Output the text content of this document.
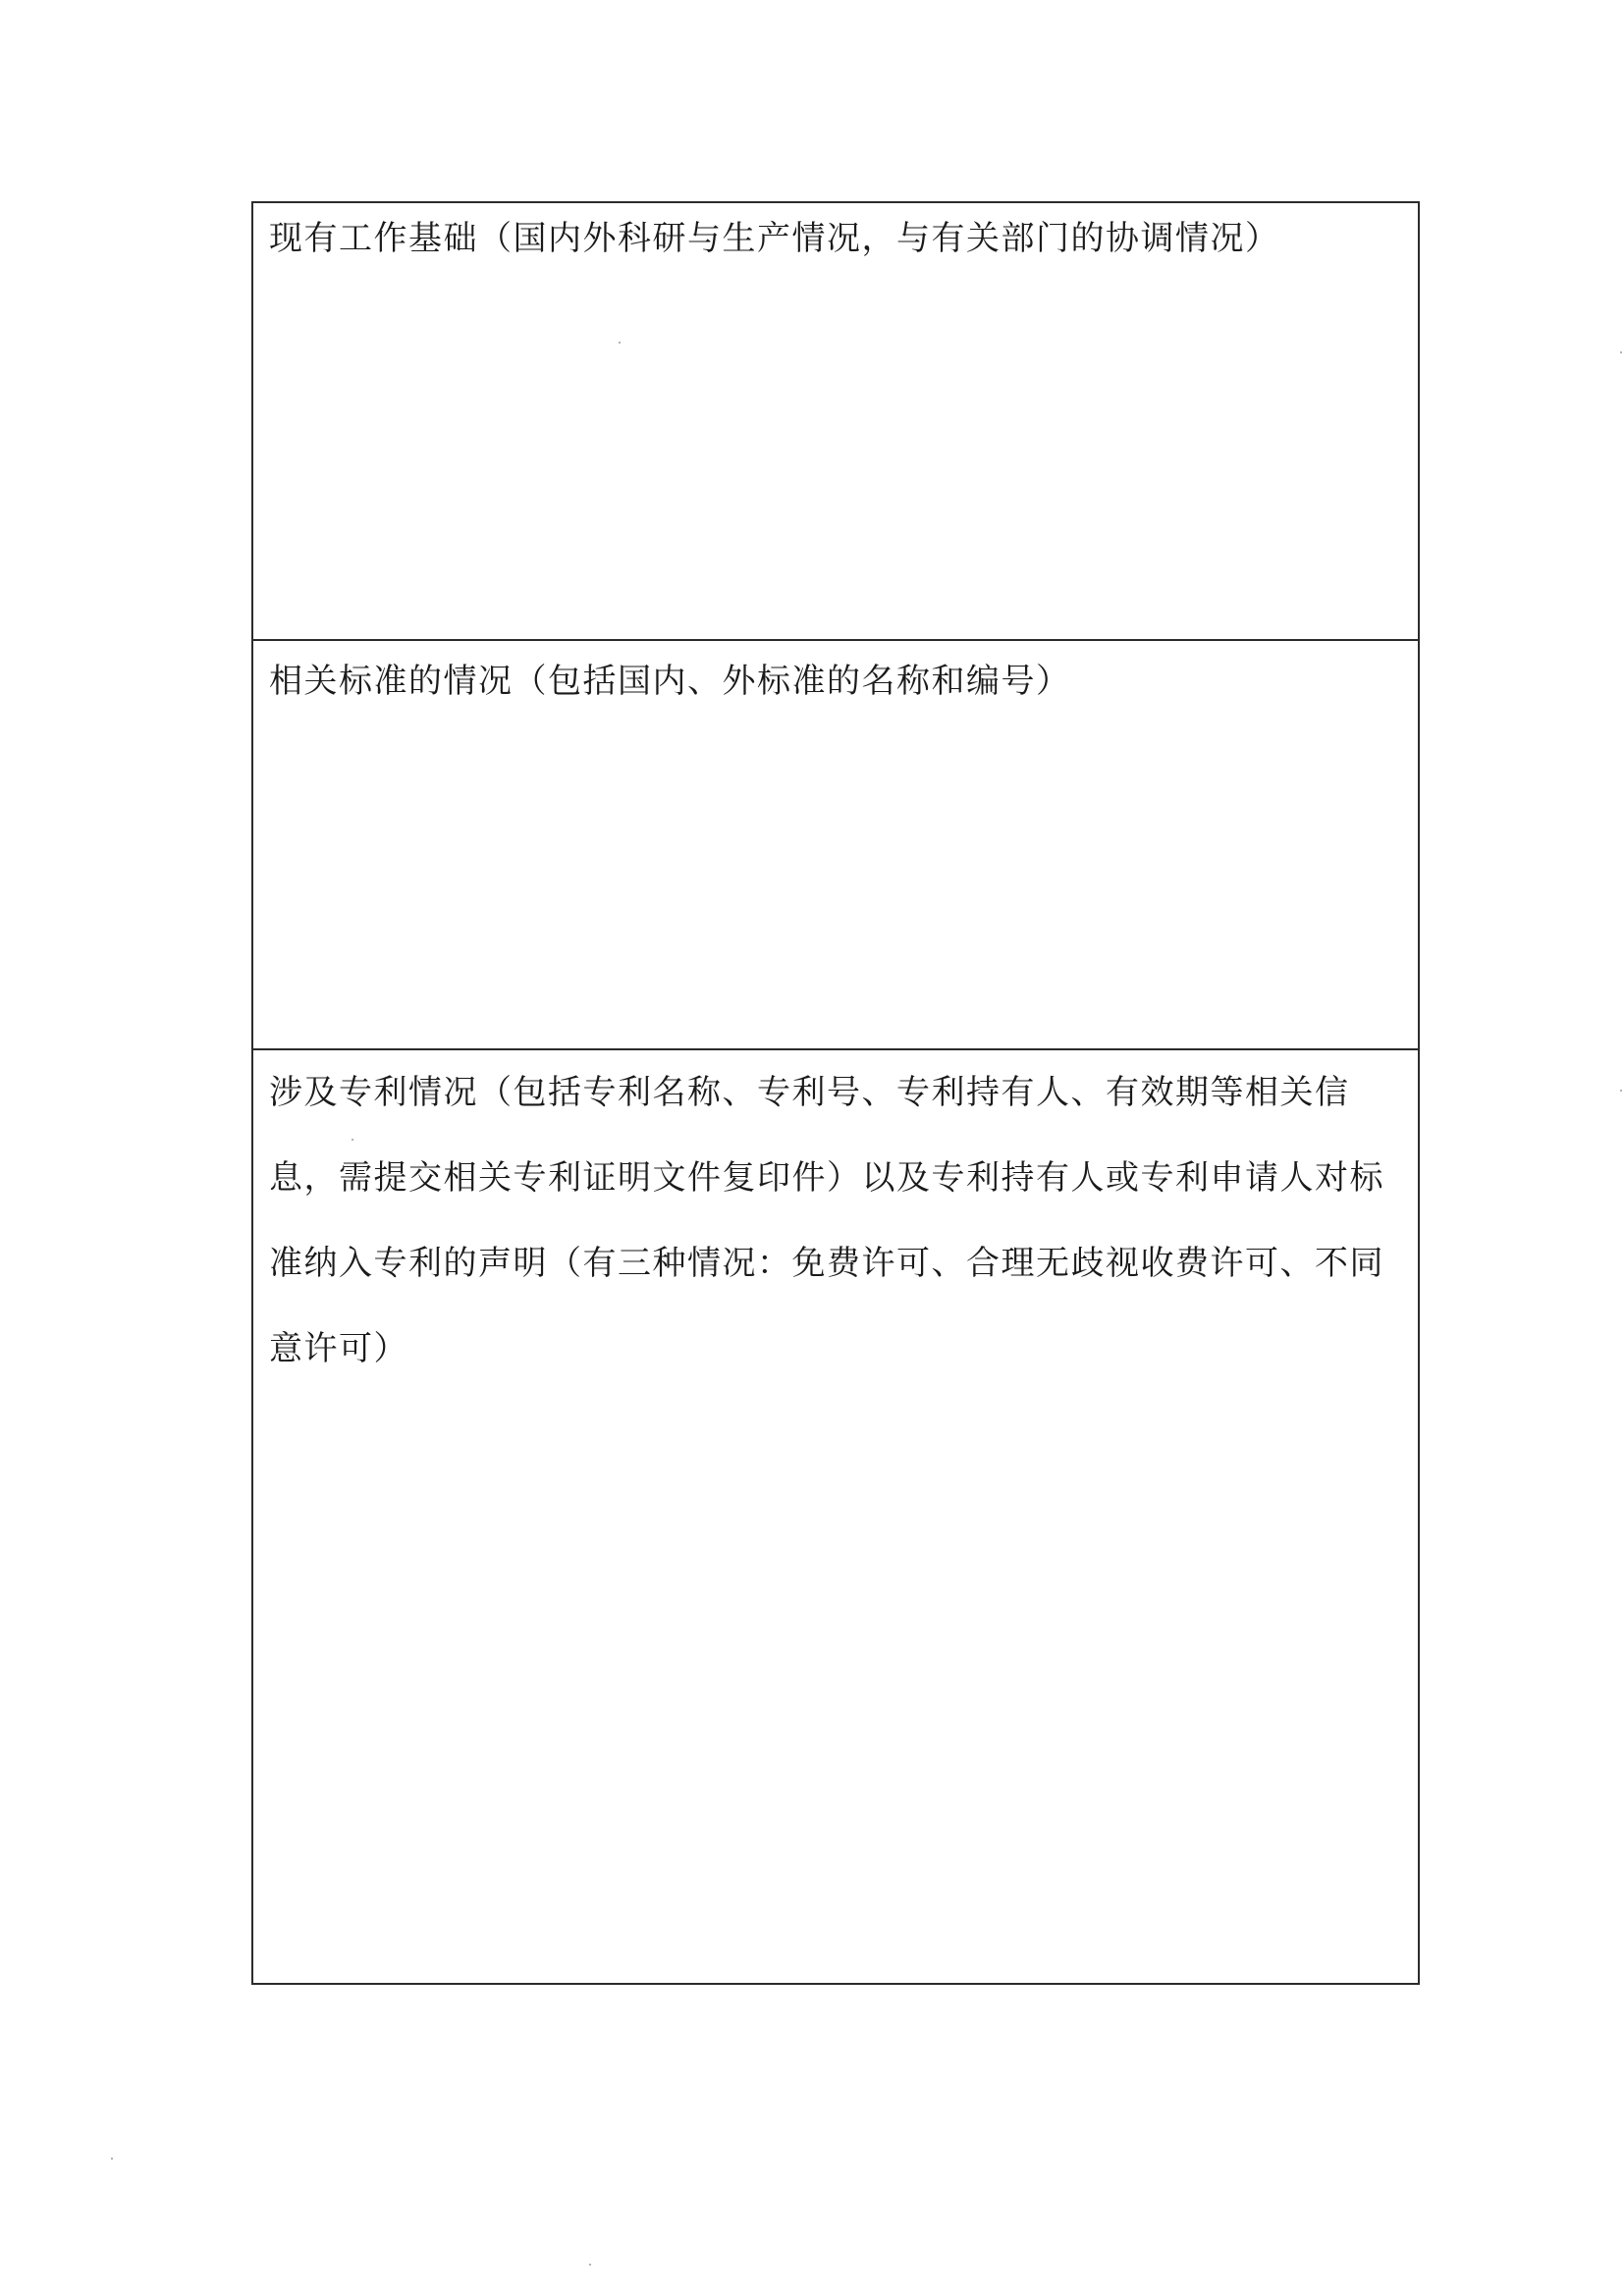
现有工作基础（国内外科研与生产情况，与有关部门的协调情况）

相关标准的情况（包括国内、外标准的名称和编号）

涉及专利情况（包括专利名称、专利号、专利持有人、有效期等相关信息，需提交相关专利证明文件复印件）以及专利持有人或专利申请人对标准纳入专利的声明（有三种情况：免费许可、合理无歧视收费许可、不同意许可）
